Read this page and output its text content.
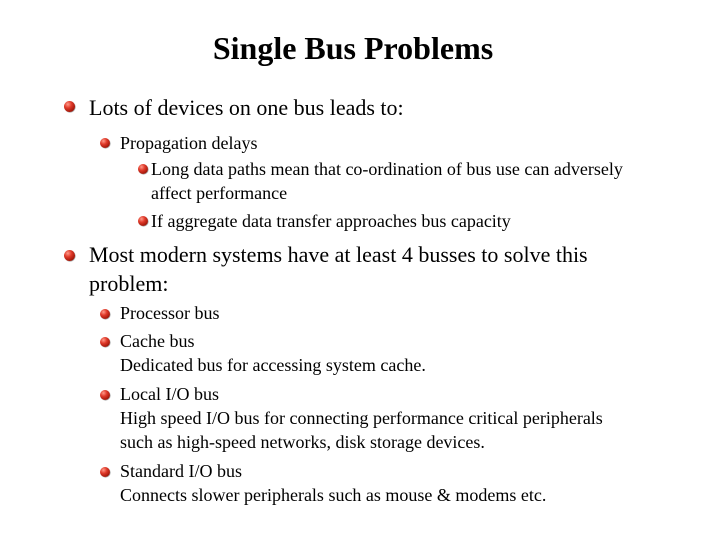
Single Bus Problems
Lots of devices on one bus leads to:
Propagation delays
Long data paths mean that co-ordination of bus use can adversely
affect performance
If aggregate data transfer approaches bus capacity
Most modern systems have at least 4 busses to solve this
problem:
Processor bus
Cache bus
Dedicated bus for accessing system cache.
Local I/O bus
High speed I/O bus for connecting performance critical peripherals
such as high-speed networks, disk storage devices.
Standard I/O bus
Connects slower peripherals such as mouse & modems etc.
